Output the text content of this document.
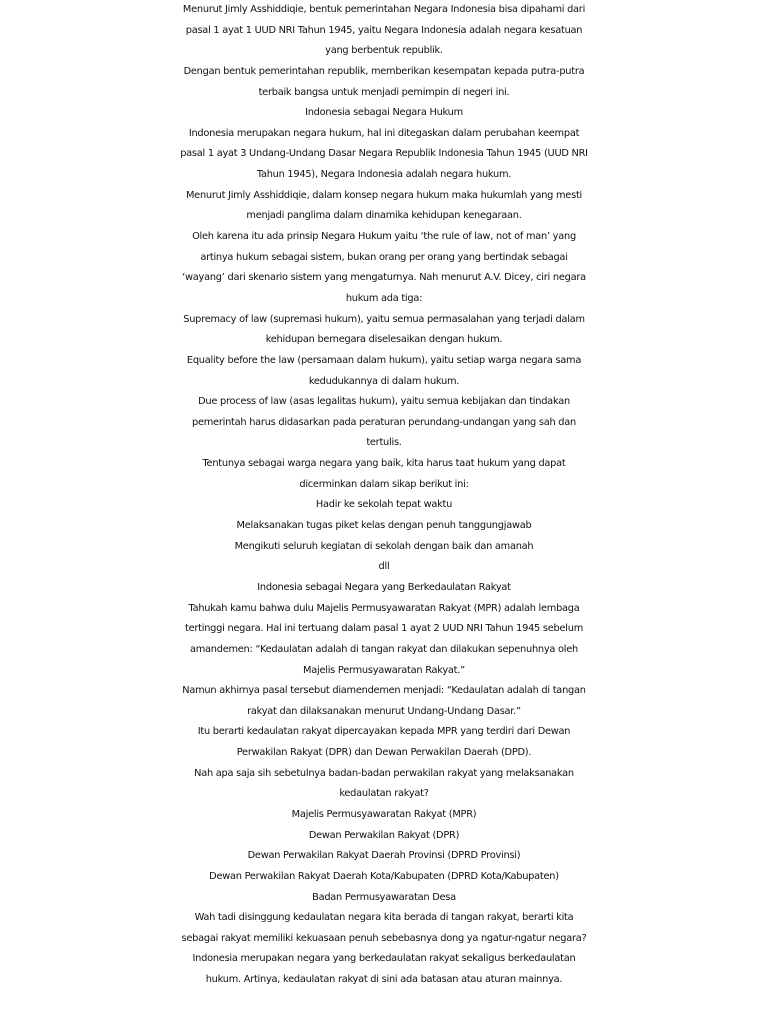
Menurut Jimly Asshiddiqie, bentuk pemerintahan Negara Indonesia bisa dipahami dari
pasal 1 ayat 1 UUD NRI Tahun 1945, yaitu Negara Indonesia adalah negara kesatuan
yang berbentuk republik.
Dengan bentuk pemerintahan republik, memberikan kesempatan kepada putra-putra
terbaik bangsa untuk menjadi pemimpin di negeri ini.
Indonesia sebagai Negara Hukum
Indonesia merupakan negara hukum, hal ini ditegaskan dalam perubahan keempat
pasal 1 ayat 3 Undang-Undang Dasar Negara Republik Indonesia Tahun 1945 (UUD NRI
Tahun 1945), Negara Indonesia adalah negara hukum.
Menurut Jimly Asshiddiqie, dalam konsep negara hukum maka hukumlah yang mesti
menjadi panglima dalam dinamika kehidupan kenegaraan.
Oleh karena itu ada prinsip Negara Hukum yaitu ‘the rule of law, not of man’ yang
artinya hukum sebagai sistem, bukan orang per orang yang bertindak sebagai
‘wayang’ dari skenario sistem yang mengaturnya. Nah menurut A.V. Dicey, ciri negara
hukum ada tiga:
Supremacy of law (supremasi hukum), yaitu semua permasalahan yang terjadi dalam
kehidupan bernegara diselesaikan dengan hukum.
Equality before the law (persamaan dalam hukum), yaitu setiap warga negara sama
kedudukannya di dalam hukum.
Due process of law (asas legalitas hukum), yaitu semua kebijakan dan tindakan
pemerintah harus didasarkan pada peraturan perundang-undangan yang sah dan
tertulis.
Tentunya sebagai warga negara yang baik, kita harus taat hukum yang dapat
dicerminkan dalam sikap berikut ini:
Hadir ke sekolah tepat waktu
Melaksanakan tugas piket kelas dengan penuh tanggungjawab
Mengikuti seluruh kegiatan di sekolah dengan baik dan amanah
dll
Indonesia sebagai Negara yang Berkedaulatan Rakyat
Tahukah kamu bahwa dulu Majelis Permusyawaratan Rakyat (MPR) adalah lembaga
tertinggi negara. Hal ini tertuang dalam pasal 1 ayat 2 UUD NRI Tahun 1945 sebelum
amandemen: “Kedaulatan adalah di tangan rakyat dan dilakukan sepenuhnya oleh
Majelis Permusyawaratan Rakyat.”
Namun akhirnya pasal tersebut diamendemen menjadi: “Kedaulatan adalah di tangan
rakyat dan dilaksanakan menurut Undang-Undang Dasar.”
Itu berarti kedaulatan rakyat dipercayakan kepada MPR yang terdiri dari Dewan
Perwakilan Rakyat (DPR) dan Dewan Perwakilan Daerah (DPD).
Nah apa saja sih sebetulnya badan-badan perwakilan rakyat yang melaksanakan
kedaulatan rakyat?
Majelis Permusyawaratan Rakyat (MPR)
Dewan Perwakilan Rakyat (DPR)
Dewan Perwakilan Rakyat Daerah Provinsi (DPRD Provinsi)
Dewan Perwakilan Rakyat Daerah Kota/Kabupaten (DPRD Kota/Kabupaten)
Badan Permusyawaratan Desa
Wah tadi disinggung kedaulatan negara kita berada di tangan rakyat, berarti kita
sebagai rakyat memiliki kekuasaan penuh sebebasnya dong ya ngatur-ngatur negara?
Indonesia merupakan negara yang berkedaulatan rakyat sekaligus berkedaulatan
hukum. Artinya, kedaulatan rakyat di sini ada batasan atau aturan mainnya.
